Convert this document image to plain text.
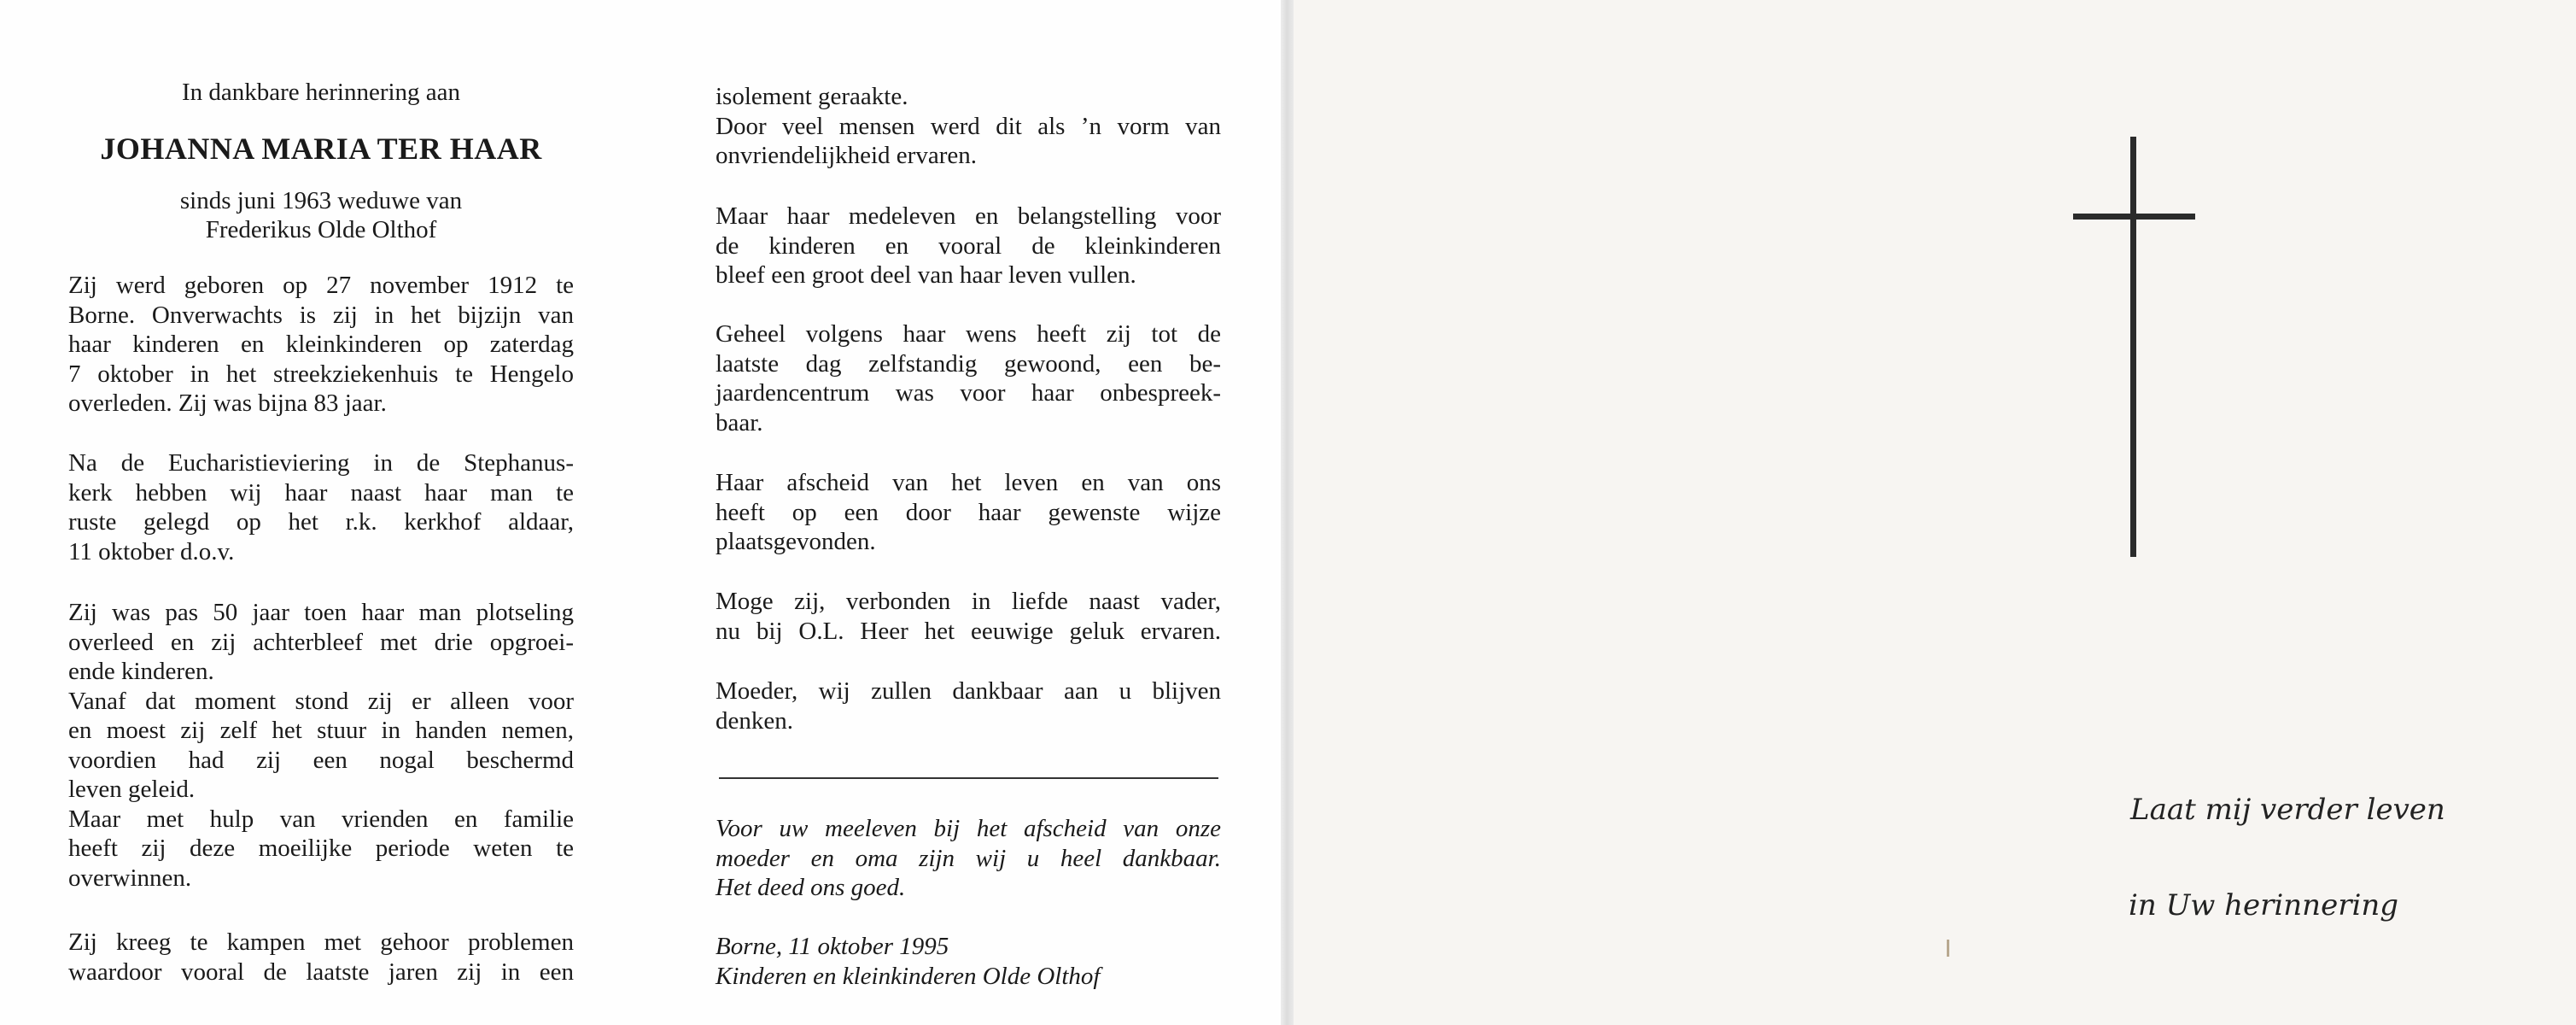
In dankbare herinnering aan
JOHANNA MARIA TER HAAR
sinds juni 1963 weduwe van
Frederikus Olde Olthof
Zij werd geboren op 27 november 1912 te
Borne. Onverwachts is zij in het bijzijn van
haar kinderen en kleinkinderen op zaterdag
7 oktober in het streekziekenhuis te Hengelo
overleden. Zij was bijna 83 jaar.
Na de Eucharistieviering in de Stephanus-
kerk hebben wij haar naast haar man te
ruste gelegd op het r.k. kerkhof aldaar,
11 oktober d.o.v.
Zij was pas 50 jaar toen haar man plotseling
overleed en zij achterbleef met drie opgroei-
ende kinderen.
Vanaf dat moment stond zij er alleen voor
en moest zij zelf het stuur in handen nemen,
voordien had zij een nogal beschermd
leven geleid.
Maar met hulp van vrienden en familie
heeft zij deze moeilijke periode weten te
overwinnen.
Zij kreeg te kampen met gehoor problemen
waardoor vooral de laatste jaren zij in een
isolement geraakte.
Door veel mensen werd dit als ’n vorm van
onvriendelijkheid ervaren.
Maar haar medeleven en belangstelling voor
de kinderen en vooral de kleinkinderen
bleef een groot deel van haar leven vullen.
Geheel volgens haar wens heeft zij tot de
laatste dag zelfstandig gewoond, een be-
jaardencentrum was voor haar onbespreek-
baar.
Haar afscheid van het leven en van ons
heeft op een door haar gewenste wijze
plaatsgevonden.
Moge zij, verbonden in liefde naast vader,
nu bij O.L. Heer het eeuwige geluk ervaren.
Moeder, wij zullen dankbaar aan u blijven
denken.
Voor uw meeleven bij het afscheid van onze
moeder en oma zijn wij u heel dankbaar.
Het deed ons goed.
Borne, 11 oktober 1995
Kinderen en kleinkinderen Olde Olthof
Laat mij verder leven
in Uw herinnering
